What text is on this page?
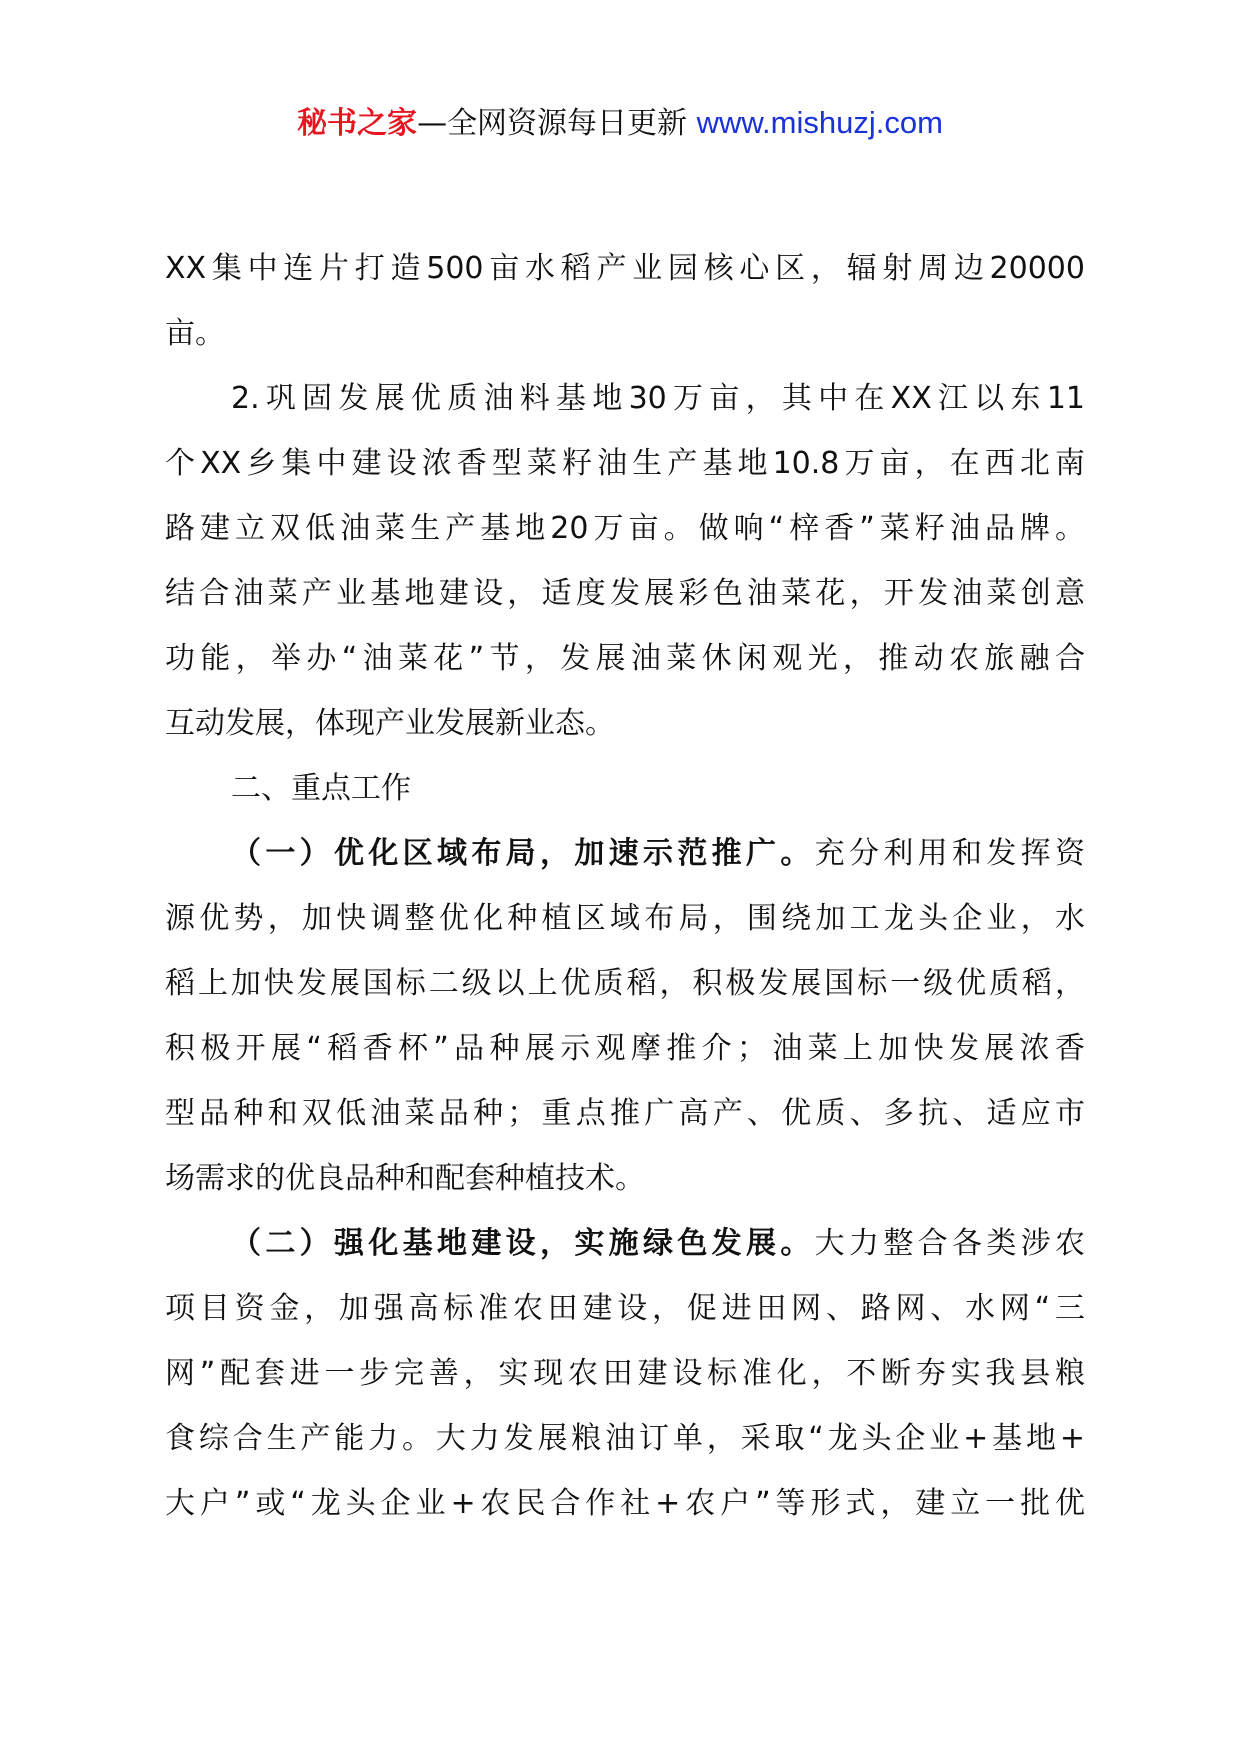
秘书之家—全网资源每日更新 www.mishuzj.com
XX集中连片打造500亩水稻产业园核心区，辐射周边20000
亩。
2.巩固发展优质油料基地30万亩，其中在XX江以东11
个XX乡集中建设浓香型菜籽油生产基地10.8万亩，在西北南
路建立双低油菜生产基地20万亩。做响“梓香”菜籽油品牌。
结合油菜产业基地建设，适度发展彩色油菜花，开发油菜创意
功能，举办“油菜花”节，发展油菜休闲观光，推动农旅融合
互动发展，体现产业发展新业态。
二、重点工作
（一）优化区域布局，加速示范推广。充分利用和发挥资
源优势，加快调整优化种植区域布局，围绕加工龙头企业，水
稻上加快发展国标二级以上优质稻，积极发展国标一级优质稻，
积极开展“稻香杯”品种展示观摩推介；油菜上加快发展浓香
型品种和双低油菜品种；重点推广高产、优质、多抗、适应市
场需求的优良品种和配套种植技术。
（二）强化基地建设，实施绿色发展。大力整合各类涉农
项目资金，加强高标准农田建设，促进田网、路网、水网“三
网”配套进一步完善，实现农田建设标准化，不断夯实我县粮
食综合生产能力。大力发展粮油订单，采取“龙头企业+基地+
大户”或“龙头企业+农民合作社+农户”等形式，建立一批优
